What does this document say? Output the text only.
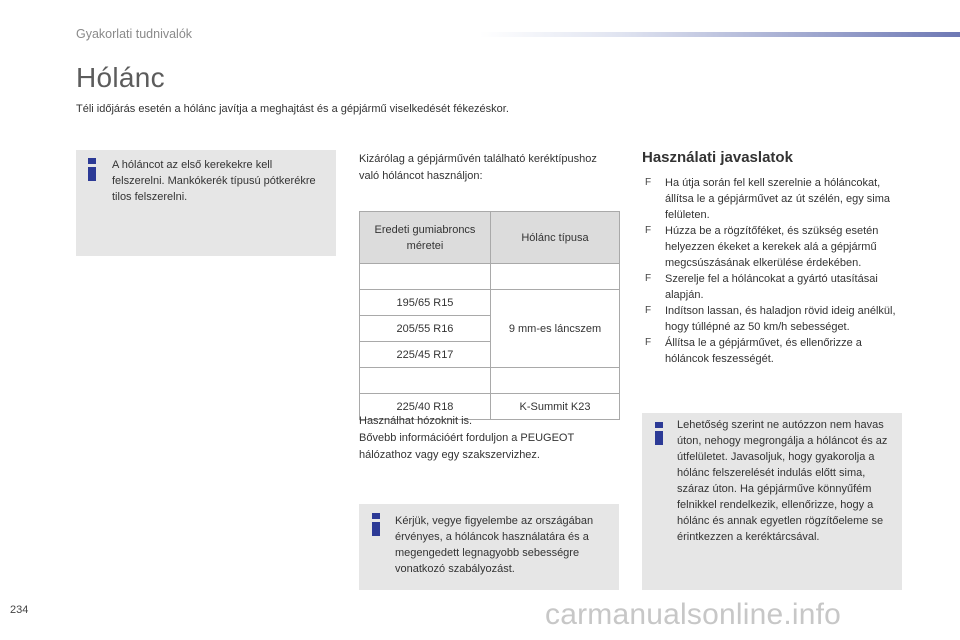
Gyakorlati tudnivalók
Hólánc
Téli időjárás esetén a hólánc javítja a meghajtást és a gépjármű viselkedését fékezéskor.
A hóláncot az első kerekekre kell felszerelni. Mankókerék típusú pótkerékre tilos felszerelni.
Kizárólag a gépjárművén található keréktípushoz való hóláncot használjon:
Eredeti gumiabroncs méretei	Hólánc típusa

195/65 R15	9 mm-es láncszem
205/55 R16	
225/45 R17	

225/40 R18	K-Summit K23
Használhat hózoknit is.
Bővebb információért forduljon a PEUGEOT hálózathoz vagy egy szakszervizhez.
Kérjük, vegye figyelembe az országában érvényes, a hóláncok használatára és a megengedett legnagyobb sebességre vonatkozó szabályozást.
Használati javaslatok
F Ha útja során fel kell szerelnie a hóláncokat, állítsa le a gépjárművet az út szélén, egy sima felületen.
F Húzza be a rögzítőféket, és szükség esetén helyezzen ékeket a kerekek alá a gépjármű megcsúszásának elkerülése érdekében.
F Szerelje fel a hóláncokat a gyártó utasításai alapján.
F Indítson lassan, és haladjon rövid ideig anélkül, hogy túllépné az 50 km/h sebességet.
F Állítsa le a gépjárművet, és ellenőrizze a hóláncok feszességét.
Lehetőség szerint ne autózzon nem havas úton, nehogy megrongálja a hóláncot és az útfelületet. Javasoljuk, hogy gyakorolja a hólánc felszerelését indulás előtt sima, száraz úton. Ha gépjárműve könnyűfém felnikkel rendelkezik, ellenőrizze, hogy a hólánc és annak egyetlen rögzítőeleme se érintkezzen a keréktárcsával.
234	carmanualsonline.info
